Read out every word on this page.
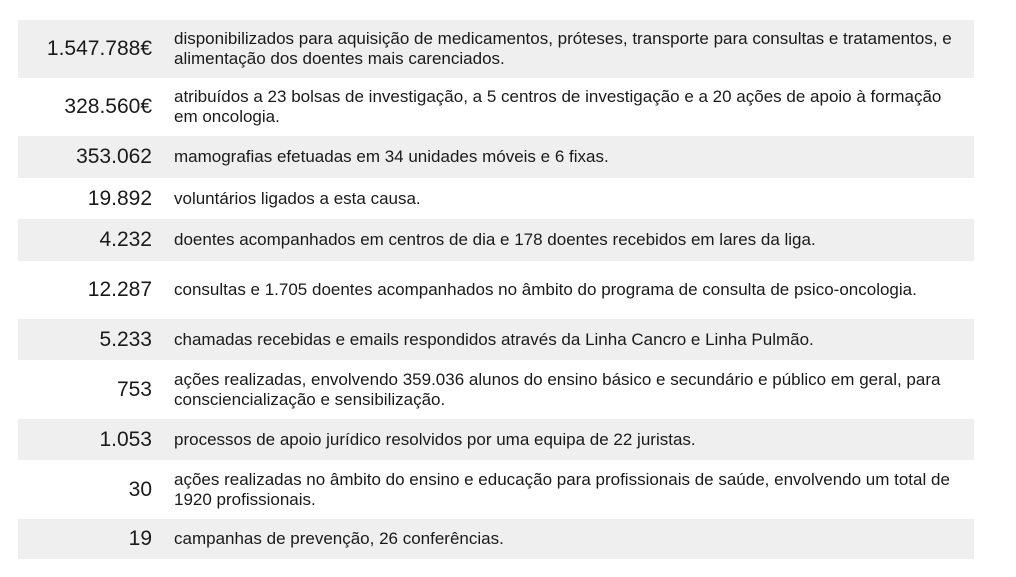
1.547.788€	disponibilizados para aquisição de medicamentos, próteses, transporte para consultas e tratamentos, e alimentação dos doentes mais carenciados.
328.560€	atribuídos a 23 bolsas de investigação, a 5 centros de investigação e a 20 ações de apoio à formação em oncologia.
353.062	mamografias efetuadas em 34 unidades móveis e 6 fixas.
19.892	voluntários ligados a esta causa.
4.232	doentes acompanhados em centros de dia e 178 doentes recebidos em lares da liga.
12.287	consultas e 1.705 doentes acompanhados no âmbito do programa de consulta de psico-oncologia.
5.233	chamadas recebidas e emails respondidos através da Linha Cancro e Linha Pulmão.
753	ações realizadas, envolvendo 359.036 alunos do ensino básico e secundário e público em geral, para consciencialização e sensibilização.
1.053	processos de apoio jurídico resolvidos por uma equipa de 22 juristas.
30	ações realizadas no âmbito do ensino e educação para profissionais de saúde, envolvendo um total de 1920 profissionais.
19	campanhas de prevenção, 26 conferências.
